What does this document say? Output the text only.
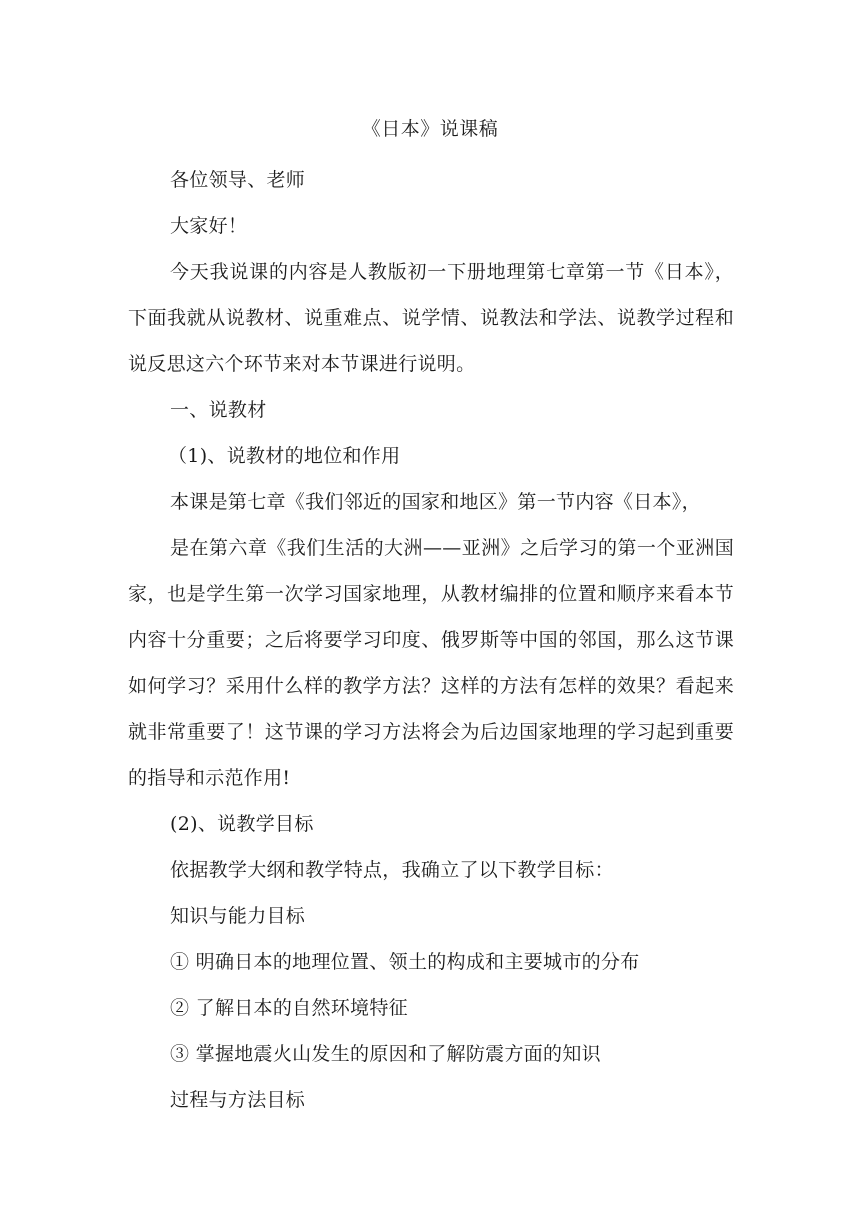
《日本》说课稿

各位领导、老师

大家好！

今天我说课的内容是人教版初一下册地理第七章第一节《日本》，下面我就从说教材、说重难点、说学情、说教法和学法、说教学过程和说反思这六个环节来对本节课进行说明。

一、说教材

（1)、说教材的地位和作用

本课是第七章《我们邻近的国家和地区》第一节内容《日本》，

是在第六章《我们生活的大洲——亚洲》之后学习的第一个亚洲国家，也是学生第一次学习国家地理，从教材编排的位置和顺序来看本节内容十分重要；之后将要学习印度、俄罗斯等中国的邻国，那么这节课如何学习？采用什么样的教学方法？这样的方法有怎样的效果？看起来就非常重要了！这节课的学习方法将会为后边国家地理的学习起到重要的指导和示范作用!

(2)、说教学目标

依据教学大纲和教学特点，我确立了以下教学目标：

知识与能力目标

① 明确日本的地理位置、领土的构成和主要城市的分布

② 了解日本的自然环境特征

③ 掌握地震火山发生的原因和了解防震方面的知识

过程与方法目标
